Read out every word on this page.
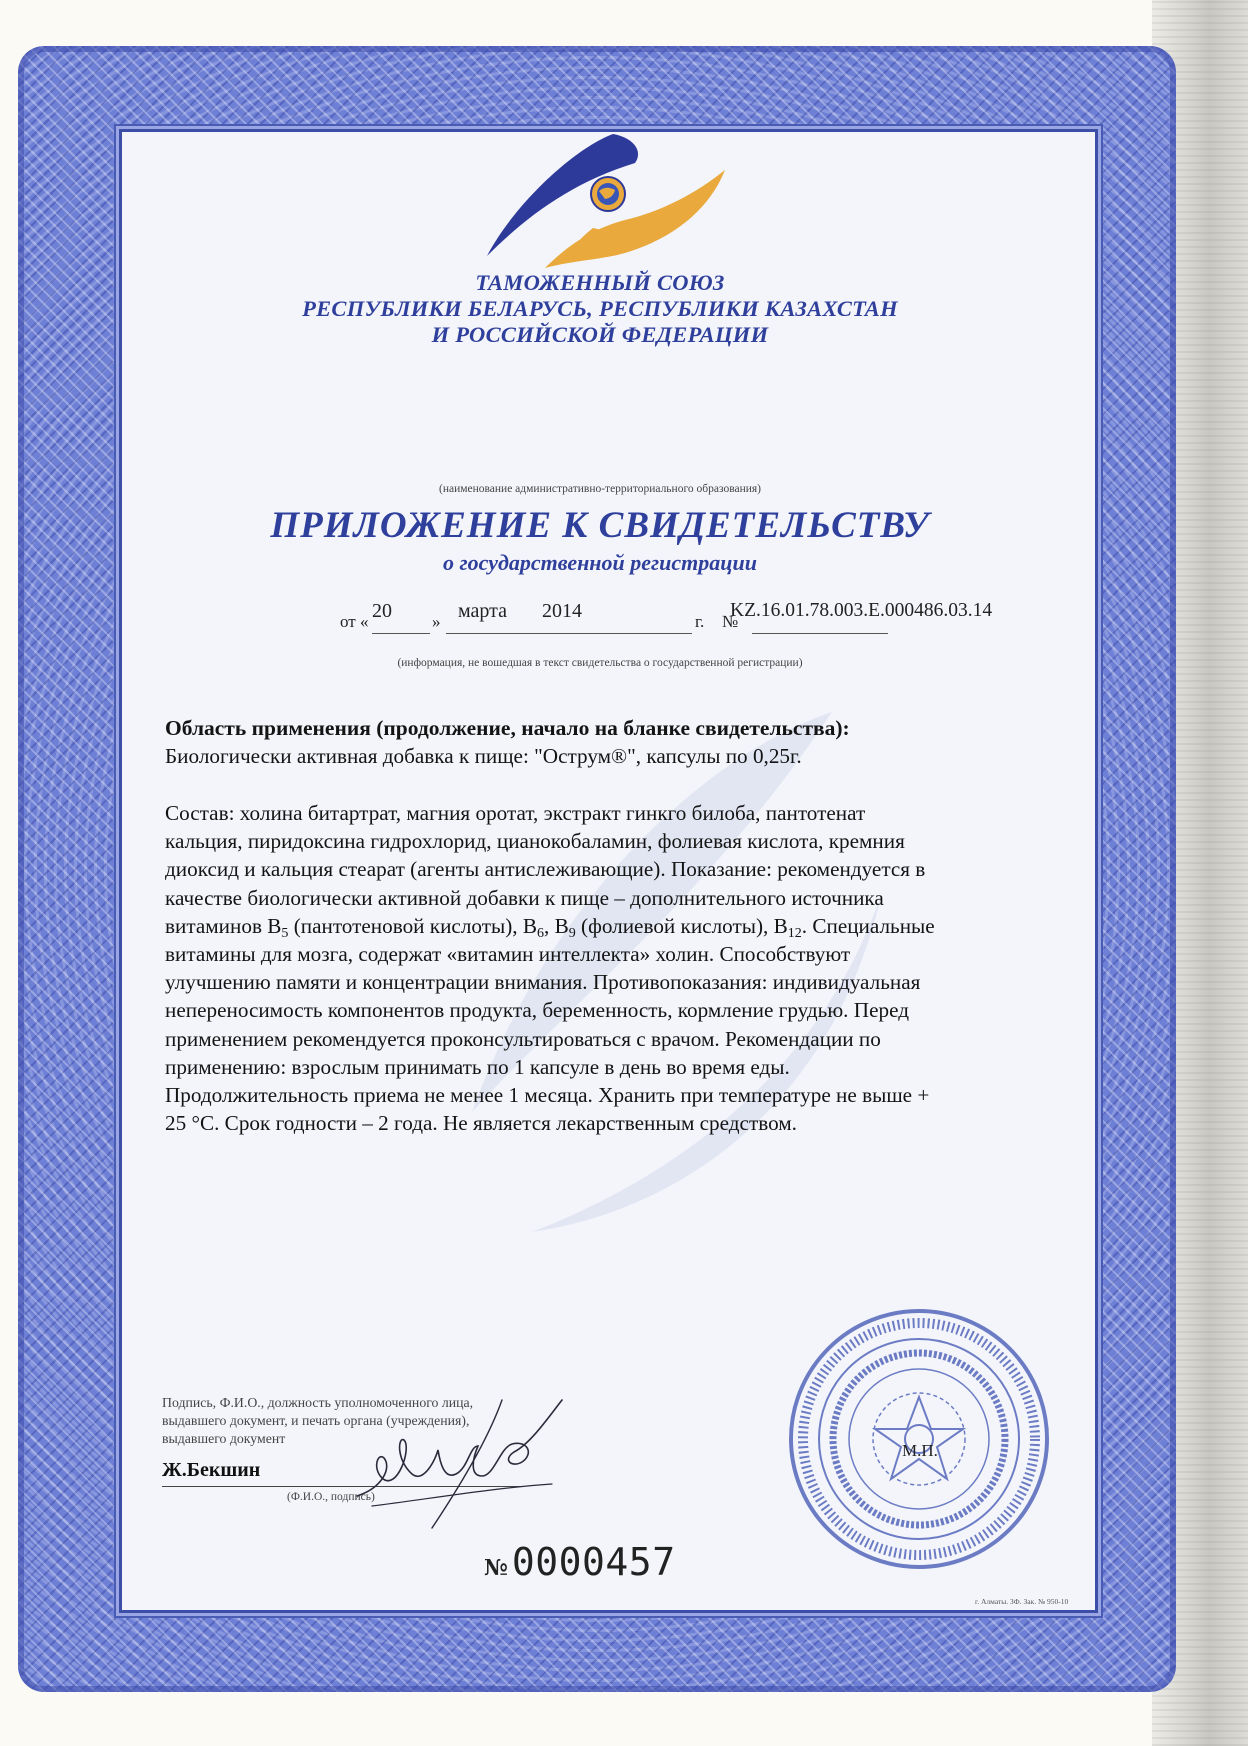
ТАМОЖЕННЫЙ СОЮЗ
РЕСПУБЛИКИ БЕЛАРУСЬ, РЕСПУБЛИКИ КАЗАХСТАН
И РОССИЙСКОЙ ФЕДЕРАЦИИ
(наименование административно-территориального образования)
ПРИЛОЖЕНИЕ К СВИДЕТЕЛЬСТВУ
о государственной регистрации
от « 20 » марта 2014	г. №
KZ.16.01.78.003.E.000486.03.14
(информация, не вошедшая в текст свидетельства о государственной регистрации)
Область применения (продолжение, начало на бланке свидетельства):
Биологически активная добавка к пище: "Острум®", капсулы по 0,25г.
Состав: холина битартрат, магния оротат, экстракт гинкго билоба, пантотенат
кальция, пиридоксина гидрохлорид, цианокобаламин, фолиевая кислота, кремния
диоксид и кальция стеарат (агенты антислеживающие). Показание: рекомендуется в
качестве биологически активной добавки к пище – дополнительного источника
витаминов $B_5$ (пантотеновой кислоты), $B_6$, $B_9$ (фолиевой кислоты), $B_{12}$. Специальные
витамины для мозга, содержат «витамин интеллекта» холин. Способствуют
улучшению памяти и концентрации внимания. Противопоказания: индивидуальная
непереносимость компонентов продукта, беременность, кормление грудью. Перед
применением рекомендуется проконсультироваться с врачом. Рекомендации по
применению: взрослым принимать по 1 капсуле в день во время еды.
Продолжительность приема не менее 1 месяца. Хранить при температуре не выше +
25 °C. Срок годности – 2 года. Не является лекарственным средством.
М.П.
Подпись, Ф.И.О., должность уполномоченного лица,
выдавшего документ, и печать органа (учреждения),
выдавшего документ
Ж.Бекшин
(Ф.И.О., подпись)
№ 0000457
г. Алматы. ЗФ. Зак. № 950-10
